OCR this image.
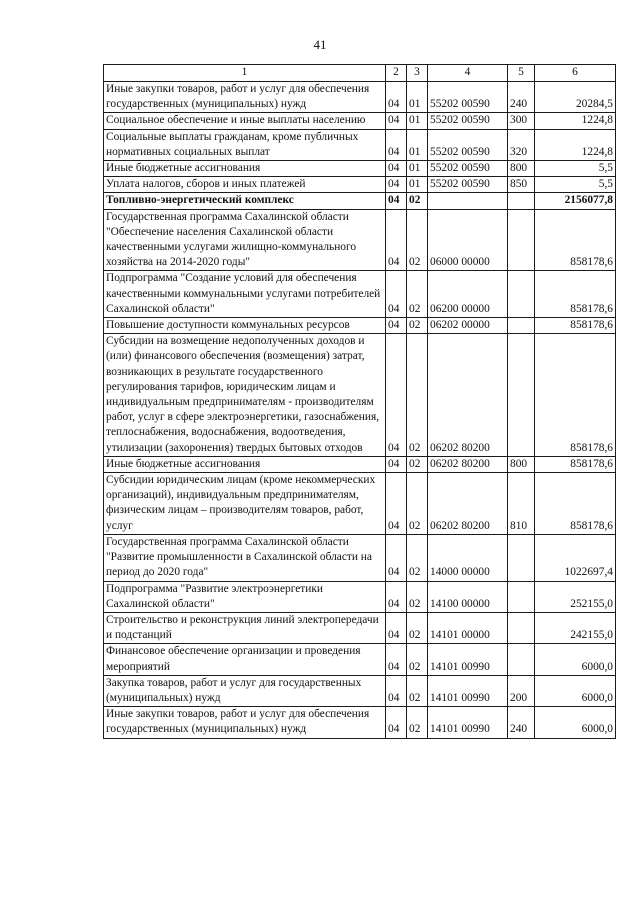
41
1	2	3	4	5	6
Иные закупки товаров, работ и услуг для обеспечения государственных (муниципальных) нужд	04	01	55202 00590	240	20284,5
Социальное обеспечение и иные выплаты населению	04	01	55202 00590	300	1224,8
Социальные выплаты гражданам, кроме публичных нормативных социальных выплат	04	01	55202 00590	320	1224,8
Иные бюджетные ассигнования	04	01	55202 00590	800	5,5
Уплата налогов, сборов и иных платежей	04	01	55202 00590	850	5,5
Топливно-энергетический комплекс	04	02			2156077,8
Государственная программа Сахалинской области "Обеспечение населения Сахалинской области качественными услугами жилищно-коммунального хозяйства на 2014-2020 годы"	04	02	06000 00000		858178,6
Подпрограмма "Создание условий для обеспечения качественными коммунальными услугами потребителей Сахалинской области"	04	02	06200 00000		858178,6
Повышение доступности коммунальных ресурсов	04	02	06202 00000		858178,6
Субсидии на возмещение недополученных доходов и (или) финансового обеспечения (возмещения) затрат, возникающих в результате государственного регулирования тарифов, юридическим лицам и индивидуальным предпринимателям - производителям работ, услуг в сфере электроэнергетики, газоснабжения, теплоснабжения, водоснабжения, водоотведения, утилизации (захоронения) твердых бытовых отходов	04	02	06202 80200		858178,6
Иные бюджетные ассигнования	04	02	06202 80200	800	858178,6
Субсидии юридическим лицам (кроме некоммерческих организаций), индивидуальным предпринимателям, физическим лицам – производителям товаров, работ, услуг	04	02	06202 80200	810	858178,6
Государственная программа Сахалинской области "Развитие промышленности в Сахалинской области на период до 2020 года"	04	02	14000 00000		1022697,4
Подпрограмма "Развитие электроэнергетики Сахалинской области"	04	02	14100 00000		252155,0
Строительство и реконструкция линий электропередачи и подстанций	04	02	14101 00000		242155,0
Финансовое обеспечение организации и проведения мероприятий	04	02	14101 00990		6000,0
Закупка товаров, работ и услуг для государственных (муниципальных) нужд	04	02	14101 00990	200	6000,0
Иные закупки товаров, работ и услуг для обеспечения государственных (муниципальных) нужд	04	02	14101 00990	240	6000,0
